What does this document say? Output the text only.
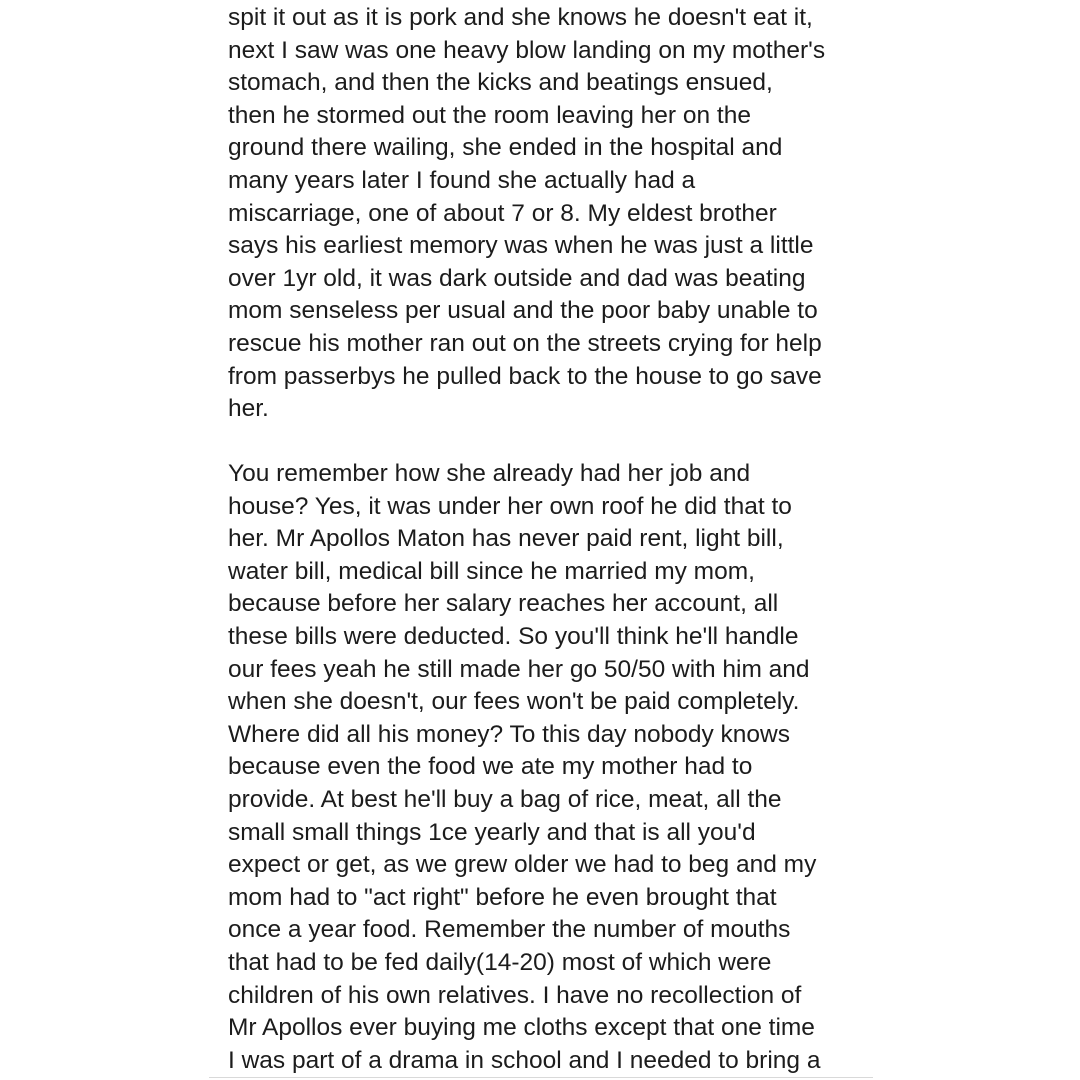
spit it out as it is pork and she knows he doesn't eat it,
next I saw was one heavy blow landing on my mother's
stomach, and then the kicks and beatings ensued,
then he stormed out the room leaving her on the
ground there wailing, she ended in the hospital and
many years later I found she actually had a
miscarriage, one of about 7 or 8. My eldest brother
says his earliest memory was when he was just a little
over 1yr old, it was dark outside and dad was beating
mom senseless per usual and the poor baby unable to
rescue his mother ran out on the streets crying for help
from passerbys he pulled back to the house to go save
her.
You remember how she already had her job and
house? Yes, it was under her own roof he did that to
her. Mr Apollos Maton has never paid rent, light bill,
water bill, medical bill since he married my mom,
because before her salary reaches her account, all
these bills were deducted. So you'll think he'll handle
our fees yeah he still made her go 50/50 with him and
when she doesn't, our fees won't be paid completely.
Where did all his money? To this day nobody knows
because even the food we ate my mother had to
provide. At best he'll buy a bag of rice, meat, all the
small small things 1ce yearly and that is all you'd
expect or get, as we grew older we had to beg and my
mom had to "act right" before he even brought that
once a year food. Remember the number of mouths
that had to be fed daily(14-20) most of which were
children of his own relatives. I have no recollection of
Mr Apollos ever buying me cloths except that one time
I was part of a drama in school and I needed to bring a
